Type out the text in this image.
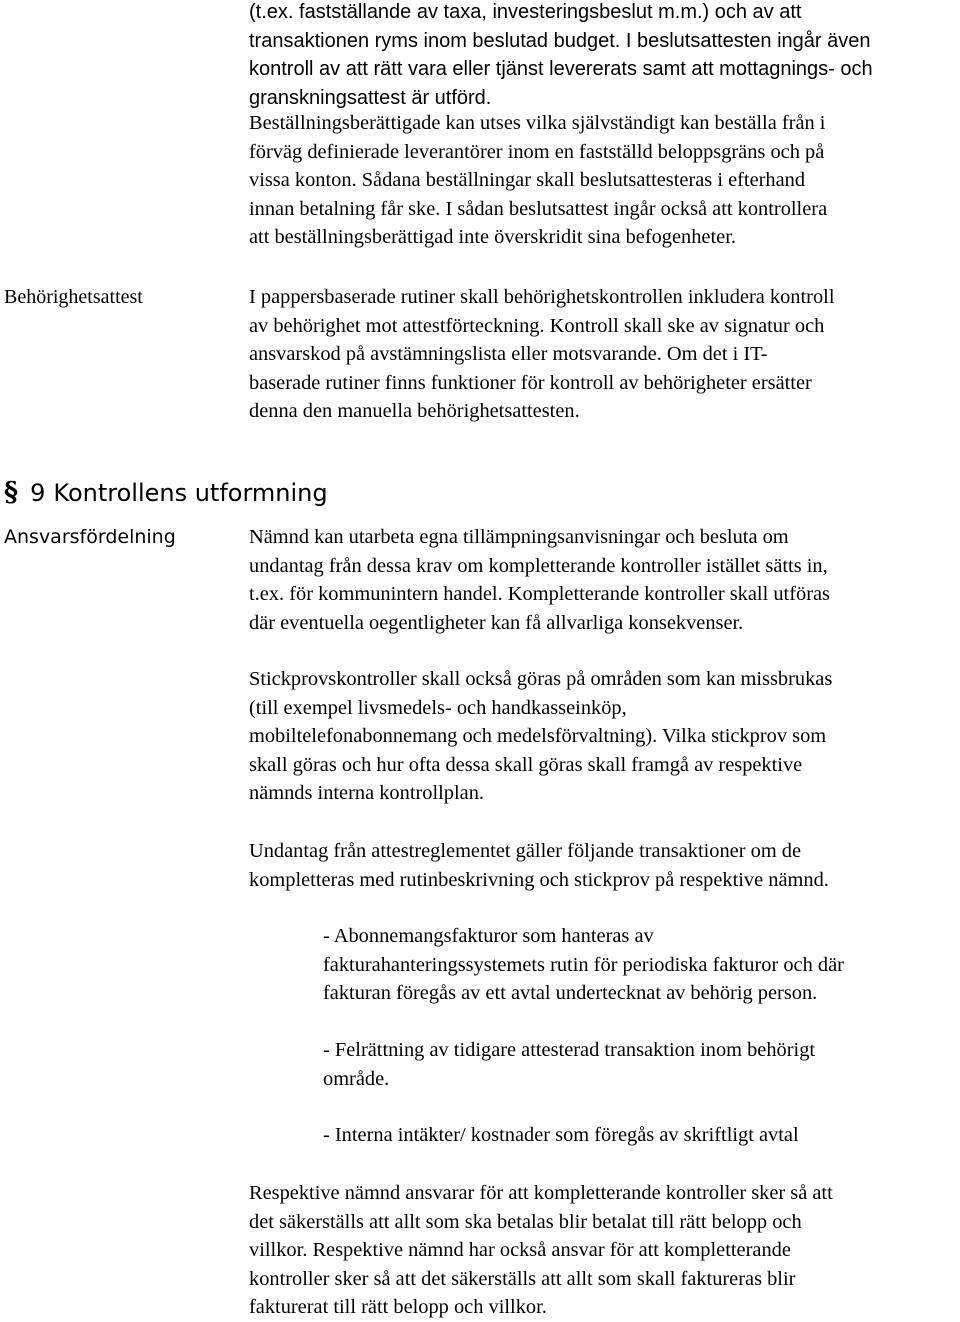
(t.ex. fastställande av taxa, investeringsbeslut m.m.) och av att
transaktionen ryms inom beslutad budget. I beslutsattesten ingår även
kontroll av att rätt vara eller tjänst levererats samt att mottagnings- och
granskningsattest är utförd.
Beställningsberättigade kan utses vilka självständigt kan beställa från i
förväg definierade leverantörer inom en fastställd beloppsgräns och på
vissa konton. Sådana beställningar skall beslutsattesteras i efterhand
innan betalning får ske. I sådan beslutsattest ingår också att kontrollera
att beställningsberättigad inte överskridit sina befogenheter.
Behörighetsattest	I pappersbaserade rutiner skall behörighetskontrollen inkludera kontroll
av behörighet mot attestförteckning. Kontroll skall ske av signatur och
ansvarskod på avstämningslista eller motsvarande. Om det i IT-
baserade rutiner finns funktioner för kontroll av behörigheter ersätter
denna den manuella behörighetsattesten.
§ 9 Kontrollens utformning
Ansvarsfördelning	Nämnd kan utarbeta egna tillämpningsanvisningar och besluta om
undantag från dessa krav om kompletterande kontroller istället sätts in,
t.ex. för kommunintern handel. Kompletterande kontroller skall utföras
där eventuella oegentligheter kan få allvarliga konsekvenser.
Stickprovskontroller skall också göras på områden som kan missbrukas
(till exempel livsmedels- och handkasseinköp,
mobiltelefonabonnemang och medelsförvaltning). Vilka stickprov som
skall göras och hur ofta dessa skall göras skall framgå av respektive
nämnds interna kontrollplan.
Undantag från attestreglementet gäller följande transaktioner om de
kompletteras med rutinbeskrivning och stickprov på respektive nämnd.
- Abonnemangsfakturor som hanteras av
fakturahanteringssystemets rutin för periodiska fakturor och där
fakturan föregås av ett avtal undertecknat av behörig person.
- Felrättning av tidigare attesterad transaktion inom behörigt
område.
- Interna intäkter/ kostnader som föregås av skriftligt avtal
Respektive nämnd ansvarar för att kompletterande kontroller sker så att
det säkerställs att allt som ska betalas blir betalat till rätt belopp och
villkor. Respektive nämnd har också ansvar för att kompletterande
kontroller sker så att det säkerställs att allt som skall faktureras blir
fakturerat till rätt belopp och villkor.
